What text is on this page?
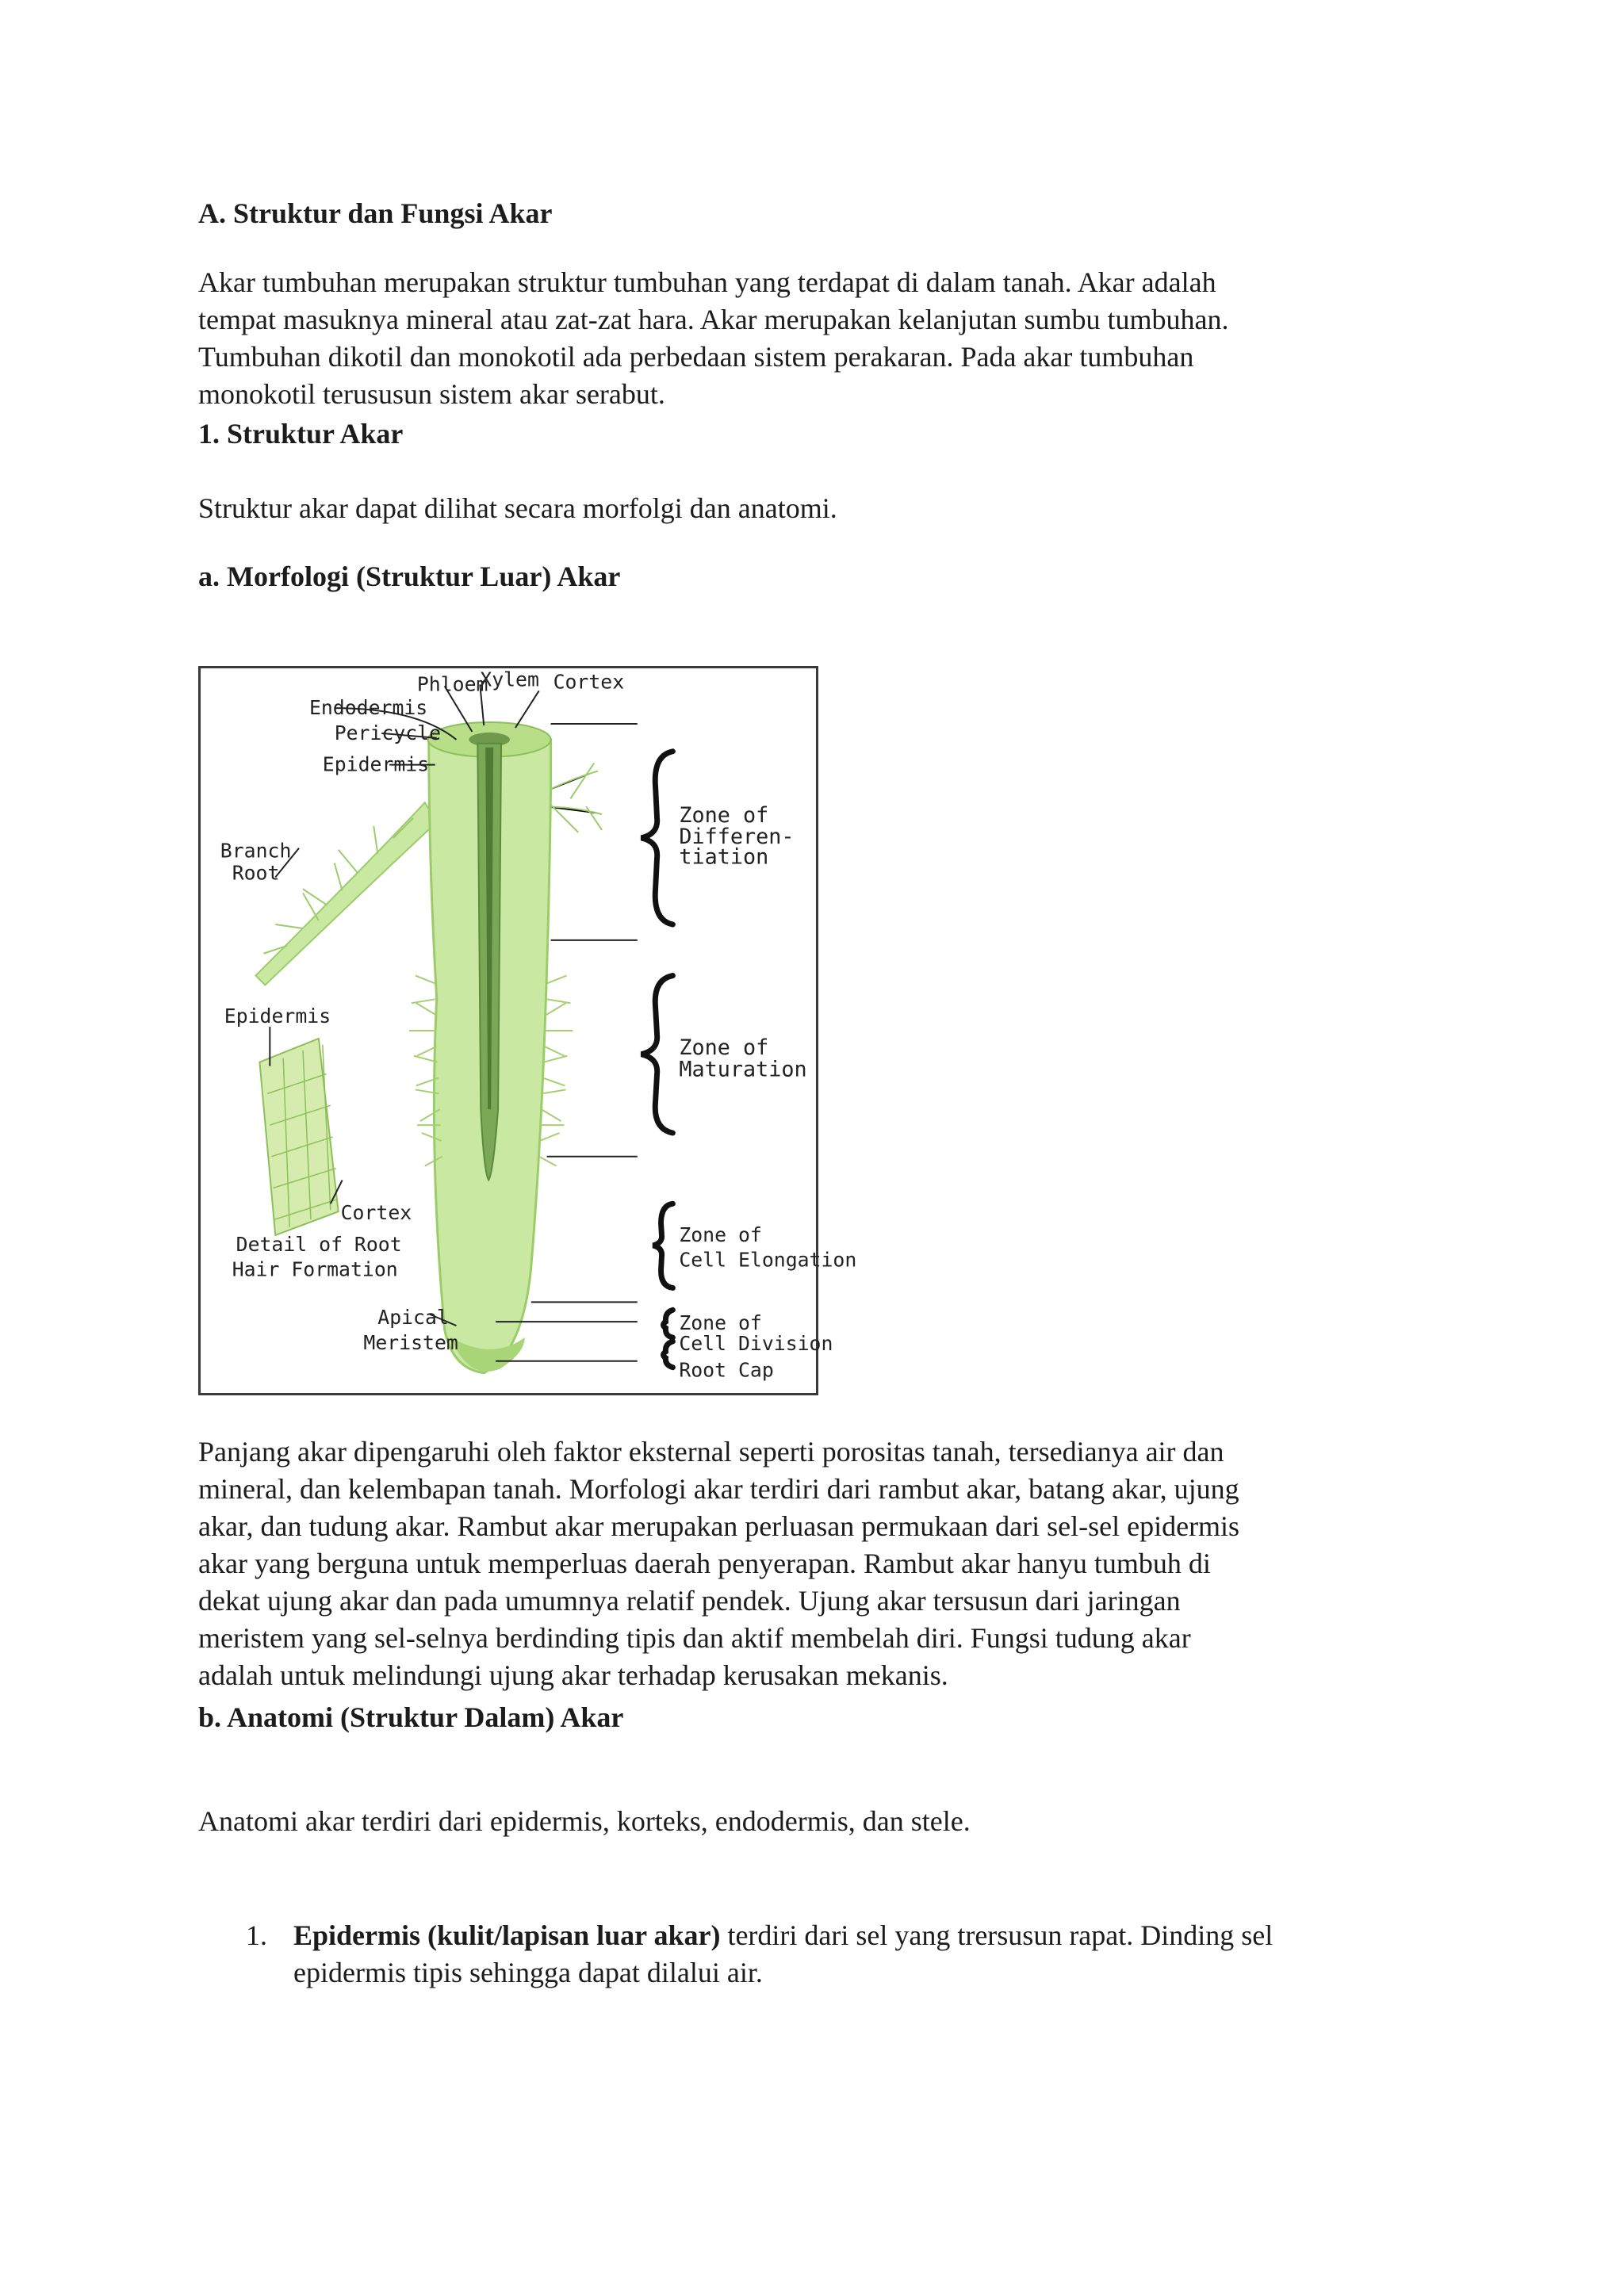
A. Struktur dan Fungsi Akar
Akar tumbuhan merupakan struktur tumbuhan yang terdapat di dalam tanah. Akar adalah
tempat masuknya mineral atau zat-zat hara. Akar merupakan kelanjutan sumbu tumbuhan.
Tumbuhan dikotil dan monokotil ada perbedaan sistem perakaran. Pada akar tumbuhan
monokotil terususun sistem akar serabut.
1. Struktur Akar
Struktur akar dapat dilihat secara morfolgi dan anatomi.
a. Morfologi (Struktur Luar) Akar
Phloem
Xylem Cortex
Endodermis
Pericycle
Epidermis
Branch
Root
Epidermis
Cortex
Detail of Root
Hair Formation
Apical
Meristem
Zone of
Differen-
tiation
Zone of
Maturation
Zone of
Cell Elongation
Zone of
Cell Division
Root Cap
Panjang akar dipengaruhi oleh faktor eksternal seperti porositas tanah, tersedianya air dan
mineral, dan kelembapan tanah. Morfologi akar terdiri dari rambut akar, batang akar, ujung
akar, dan tudung akar. Rambut akar merupakan perluasan permukaan dari sel-sel epidermis
akar yang berguna untuk memperluas daerah penyerapan. Rambut akar hanyu tumbuh di
dekat ujung akar dan pada umumnya relatif pendek. Ujung akar tersusun dari jaringan
meristem yang sel-selnya berdinding tipis dan aktif membelah diri. Fungsi tudung akar
adalah untuk melindungi ujung akar terhadap kerusakan mekanis.
b. Anatomi (Struktur Dalam) Akar
Anatomi akar terdiri dari epidermis, korteks, endodermis, dan stele.
1. Epidermis (kulit/lapisan luar akar) terdiri dari sel yang trersusun rapat. Dinding sel
epidermis tipis sehingga dapat dilalui air.
